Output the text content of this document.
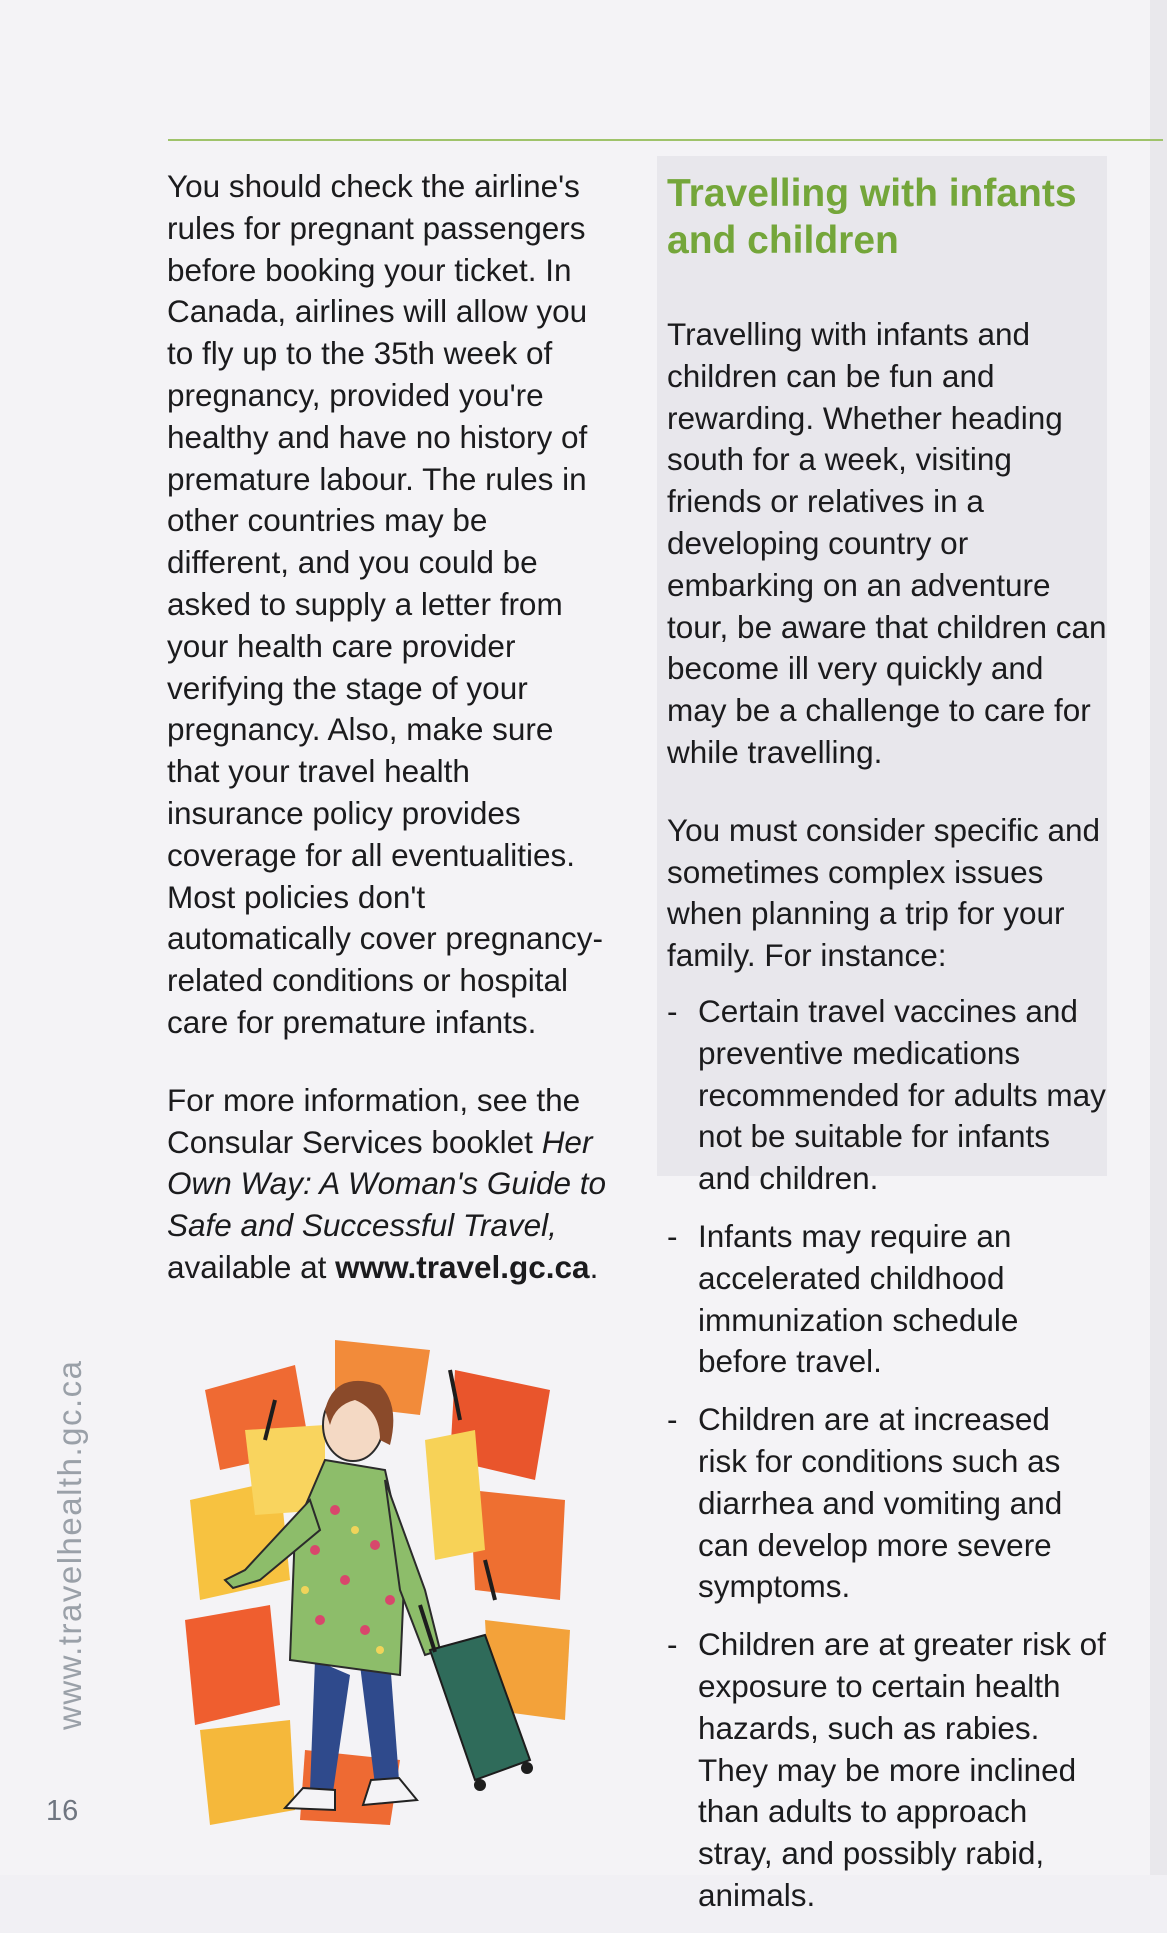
You should check the airline's rules for pregnant passengers before booking your ticket. In Canada, airlines will allow you to fly up to the 35th week of pregnancy, provided you're healthy and have no history of premature labour. The rules in other countries may be different, and you could be asked to supply a letter from your health care provider verifying the stage of your pregnancy. Also, make sure that your travel health insurance policy provides coverage for all eventualities. Most policies don't automatically cover pregnancy-related conditions or hospital care for premature infants.

For more information, see the Consular Services booklet Her Own Way: A Woman's Guide to Safe and Successful Travel, available at www.travel.gc.ca.

Travelling with infants and children

Travelling with infants and children can be fun and rewarding. Whether heading south for a week, visiting friends or relatives in a developing country or embarking on an adventure tour, be aware that children can become ill very quickly and may be a challenge to care for while travelling.

You must consider specific and sometimes complex issues when planning a trip for your family. For instance:

- Certain travel vaccines and preventive medications recommended for adults may not be suitable for infants and children.
- Infants may require an accelerated childhood immunization schedule before travel.
- Children are at increased risk for conditions such as diarrhea and vomiting and can develop more severe symptoms.
- Children are at greater risk of exposure to certain health hazards, such as rabies. They may be more inclined than adults to approach stray, and possibly rabid, animals.
www.travelhealth.gc.ca
16
